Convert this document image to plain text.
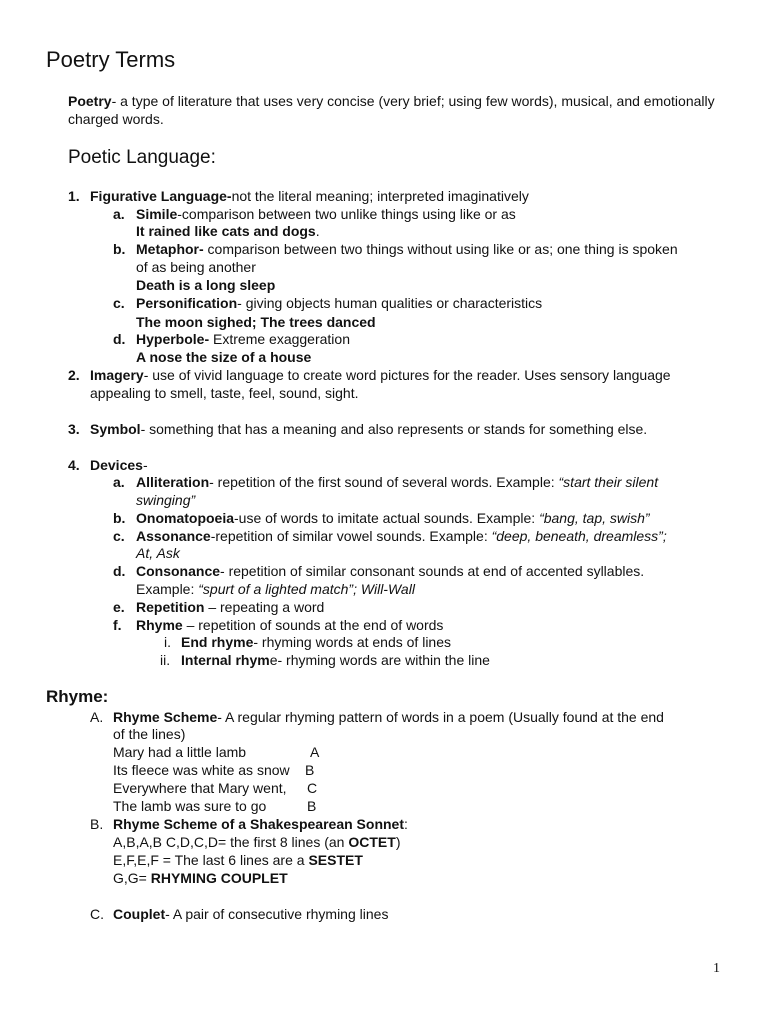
Poetry Terms
Poetry- a type of literature that uses very concise (very brief; using few words), musical, and emotionally charged words.
Poetic Language:
1. Figurative Language-not the literal meaning; interpreted imaginatively
a. Simile-comparison between two unlike things using like or as
It rained like cats and dogs.
b. Metaphor- comparison between two things without using like or as; one thing is spoken
of as being another
Death is a long sleep
c. Personification- giving objects human qualities or characteristics
The moon sighed; The trees danced
d. Hyperbole- Extreme exaggeration
A nose the size of a house
2. Imagery- use of vivid language to create word pictures for the reader. Uses sensory language
appealing to smell, taste, feel, sound, sight.
3. Symbol- something that has a meaning and also represents or stands for something else.
4. Devices-
a. Alliteration- repetition of the first sound of several words. Example: “start their silent
swinging”
b. Onomatopoeia-use of words to imitate actual sounds. Example: “bang, tap, swish”
c. Assonance-repetition of similar vowel sounds. Example: “deep, beneath, dreamless”;
At, Ask
d. Consonance- repetition of similar consonant sounds at end of accented syllables.
Example: “spurt of a lighted match”; Will-Wall
e. Repetition – repeating a word
f. Rhyme – repetition of sounds at the end of words
i. End rhyme- rhyming words at ends of lines
ii. Internal rhyme- rhyming words are within the line
Rhyme:
A. Rhyme Scheme- A regular rhyming pattern of words in a poem (Usually found at the end
of the lines)
Mary had a little lamb	A
Its fleece was white as snow B
Everywhere that Mary went, C
The lamb was sure to go	B
B. Rhyme Scheme of a Shakespearean Sonnet:
A,B,A,B C,D,C,D= the first 8 lines (an OCTET)
E,F,E,F = The last 6 lines are a SESTET
G,G= RHYMING COUPLET
C. Couplet- A pair of consecutive rhyming lines
1
